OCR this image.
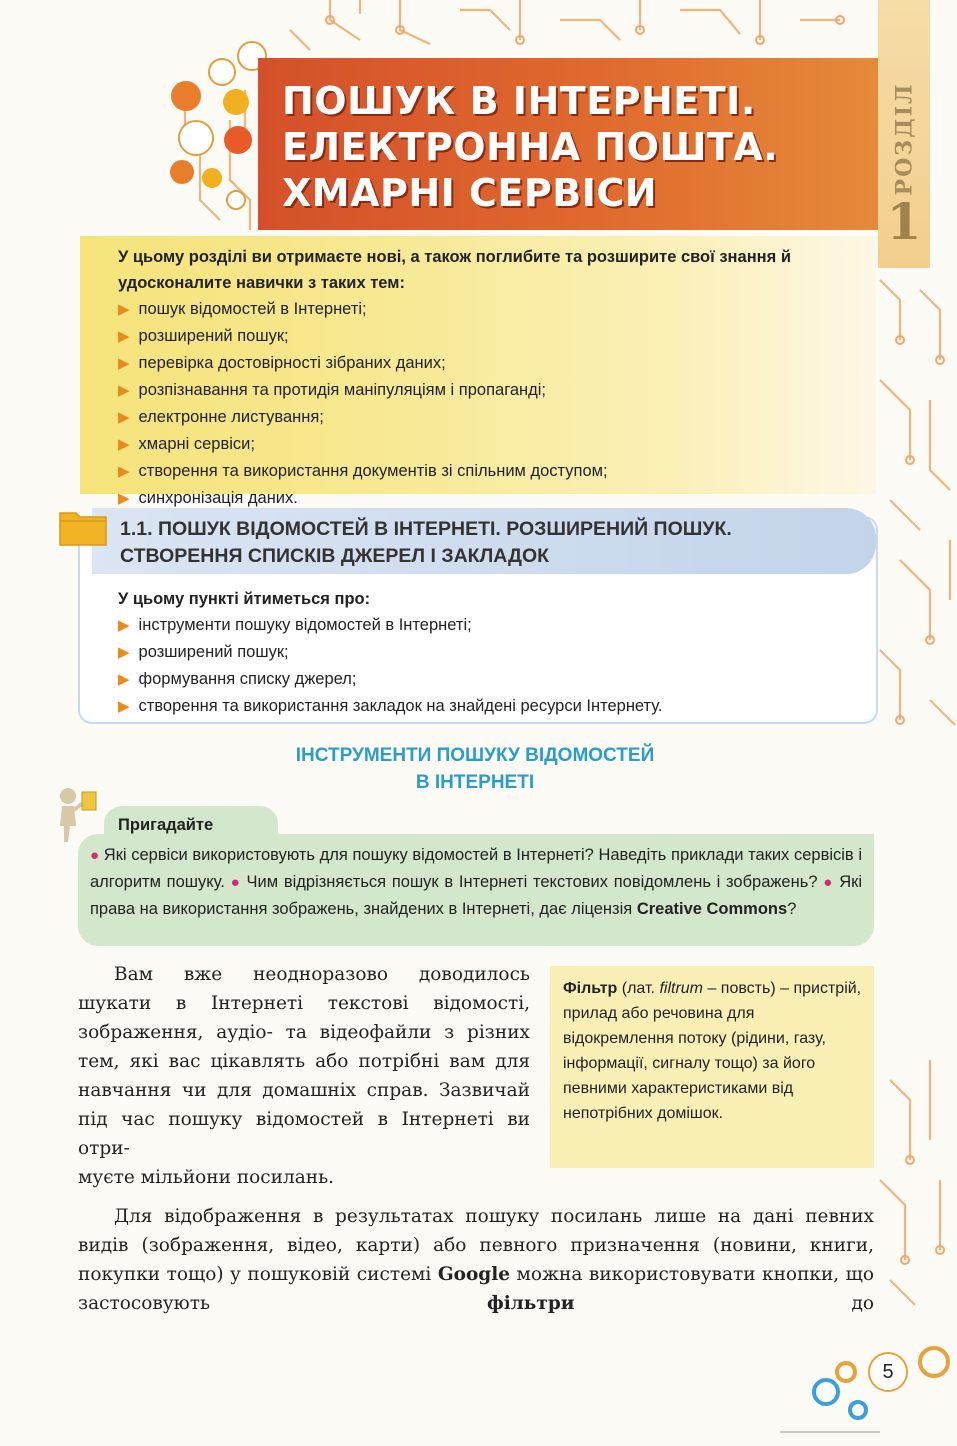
РОЗДІЛ
1
ПОШУК В ІНТЕРНЕТІ.
ЕЛЕКТРОННА ПОШТА.
ХМАРНІ СЕРВІСИ
У цьому розділі ви отримаєте нові, а також поглибите та розширите свої знання й удосконалите навички з таких тем:
▶ пошук відомостей в Інтернеті;
▶ розширений пошук;
▶ перевірка достовірності зібраних даних;
▶ розпізнавання та протидія маніпуляціям і пропаганді;
▶ електронне листування;
▶ хмарні сервіси;
▶ створення та використання документів зі спільним доступом;
▶ синхронізація даних.
1.1. ПОШУК ВІДОМОСТЕЙ В ІНТЕРНЕТІ. РОЗШИРЕНИЙ ПОШУК.
СТВОРЕННЯ СПИСКІВ ДЖЕРЕЛ І ЗАКЛАДОК
У цьому пункті йтиметься про:
▶ інструменти пошуку відомостей в Інтернеті;
▶ розширений пошук;
▶ формування списку джерел;
▶ створення та використання закладок на знайдені ресурси Інтернету.
ІНСТРУМЕНТИ ПОШУКУ ВІДОМОСТЕЙ
В ІНТЕРНЕТІ
Пригадайте
● Які сервіси використовують для пошуку відомостей в Інтернеті? Наведіть приклади таких сервісів і алгоритм пошуку. ● Чим відрізняється пошук в Інтернеті текстових повідомлень і зображень? ● Які права на використання зображень, знайдених в Інтернеті, дає ліцензія Creative Commons?
Вам вже неодноразово доводилось шукати в Інтернеті текстові відомості, зображення, аудіо- та відеофайли з різних тем, які вас цікавлять або потрібні вам для навчання чи для домашніх справ. Зазвичай під час пошуку відомостей в Інтернеті ви отри-
муєте мільйони посилань.
Фільтр (лат. filtrum – повсть) – пристрій, прилад або речовина для відокремлення потоку (рідини, газу, інформації, сигналу тощо) за його певними характеристиками від непотрібних домішок.
Для відображення в результатах пошуку посилань лише на дані певних видів (зображення, відео, карти) або певного призначення (новини, книги, покупки тощо) у пошуковій системі Google можна використовувати кнопки, що застосовують	фільтри	до
5
